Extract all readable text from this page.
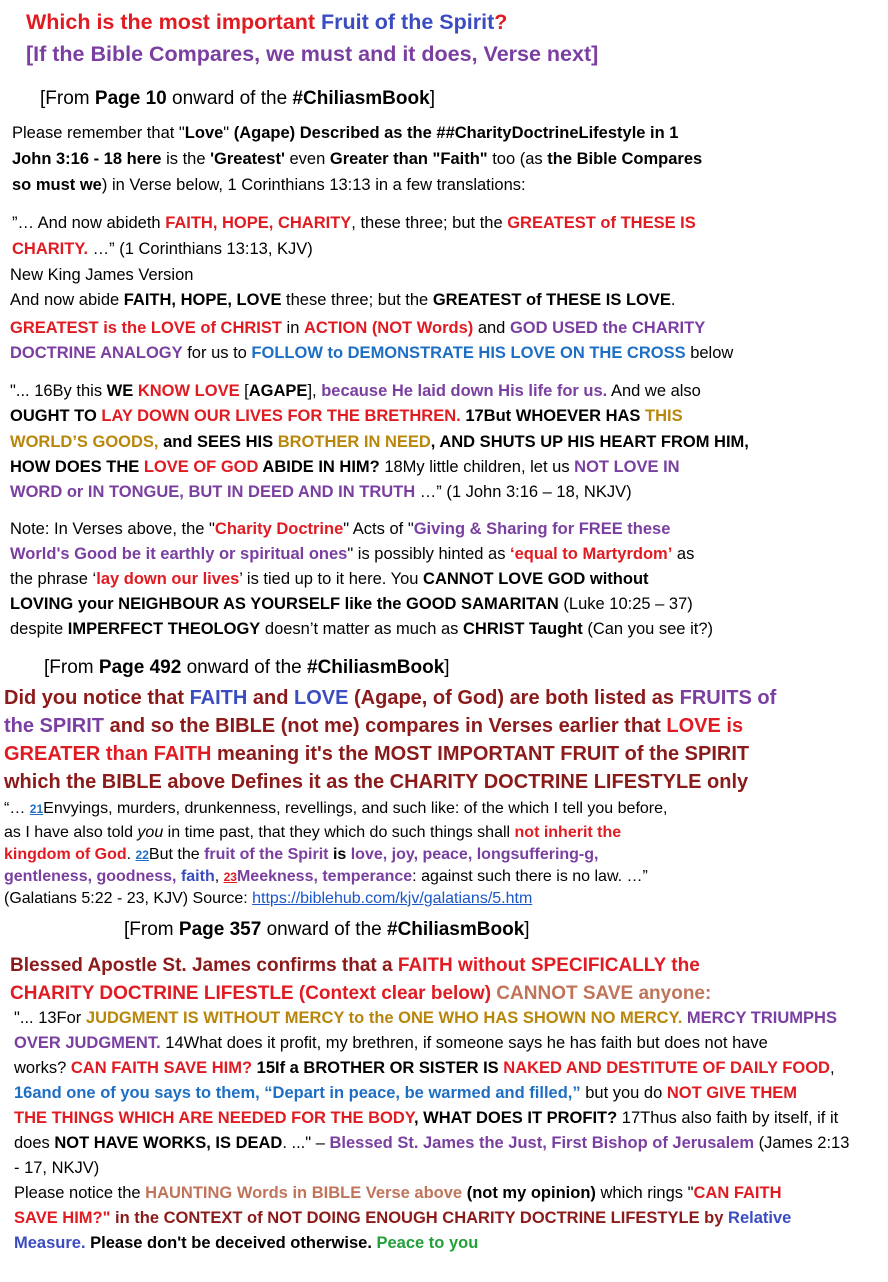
Which is the most important Fruit of the Spirit?
[If the Bible Compares, we must and it does, Verse next]
[From Page 10 onward of the #ChiliasmBook]
Please remember that "Love" (Agape) Described as the ##CharityDoctrineLifestyle in 1
John 3:16 - 18 here is the 'Greatest' even Greater than "Faith" too (as the Bible Compares
so must we) in Verse below, 1 Corinthians 13:13 in a few translations:
”… And now abideth FAITH, HOPE, CHARITY, these three; but the GREATEST of THESE IS
CHARITY. …” (1 Corinthians 13:13, KJV)
New King James Version
And now abide FAITH, HOPE, LOVE these three; but the GREATEST of THESE IS LOVE.
GREATEST is the LOVE of CHRIST in ACTION (NOT Words) and GOD USED the CHARITY
DOCTRINE ANALOGY for us to FOLLOW to DEMONSTRATE HIS LOVE ON THE CROSS below
"... 16By this WE KNOW LOVE [AGAPE], because He laid down His life for us. And we also
OUGHT TO LAY DOWN OUR LIVES FOR THE BRETHREN. 17But WHOEVER HAS THIS
WORLD’S GOODS, and SEES HIS BROTHER IN NEED, AND SHUTS UP HIS HEART FROM HIM,
HOW DOES THE LOVE OF GOD ABIDE IN HIM? 18My little children, let us NOT LOVE IN
WORD or IN TONGUE, BUT IN DEED AND IN TRUTH …” (1 John 3:16 – 18, NKJV)
Note: In Verses above, the "Charity Doctrine" Acts of "Giving & Sharing for FREE these
World's Good be it earthly or spiritual ones" is possibly hinted as ‘equal to Martyrdom’ as
the phrase ‘lay down our lives’ is tied up to it here. You CANNOT LOVE GOD without
LOVING your NEIGHBOUR AS YOURSELF like the GOOD SAMARITAN (Luke 10:25 – 37)
despite IMPERFECT THEOLOGY doesn’t matter as much as CHRIST Taught (Can you see it?)
[From Page 492 onward of the #ChiliasmBook]
Did you notice that FAITH and LOVE (Agape, of God) are both listed as FRUITS of
the SPIRIT and so the BIBLE (not me) compares in Verses earlier that LOVE is
GREATER than FAITH meaning it's the MOST IMPORTANT FRUIT of the SPIRIT
which the BIBLE above Defines it as the CHARITY DOCTRINE LIFESTYLE only
“… 21Envyings, murders, drunkenness, revellings, and such like: of the which I tell you before,
as I have also told you in time past, that they which do such things shall not inherit the
kingdom of God. 22But the fruit of the Spirit is love, joy, peace, longsuffering-g,
gentleness, goodness, faith, 23Meekness, temperance: against such there is no law. …”
(Galatians 5:22 - 23, KJV) Source: https://biblehub.com/kjv/galatians/5.htm
[From Page 357 onward of the #ChiliasmBook]
Blessed Apostle St. James confirms that a FAITH without SPECIFICALLY the
CHARITY DOCTRINE LIFESTLE (Context clear below) CANNOT SAVE anyone:
"... 13For JUDGMENT IS WITHOUT MERCY to the ONE WHO HAS SHOWN NO MERCY. MERCY TRIUMPHS
OVER JUDGMENT. 14What does it profit, my brethren, if someone says he has faith but does not have
works? CAN FAITH SAVE HIM? 15If a BROTHER OR SISTER IS NAKED AND DESTITUTE OF DAILY FOOD,
16and one of you says to them, “Depart in peace, be warmed and filled,” but you do NOT GIVE THEM
THE THINGS WHICH ARE NEEDED FOR THE BODY, WHAT DOES IT PROFIT? 17Thus also faith by itself, if it
does NOT HAVE WORKS, IS DEAD. ..." – Blessed St. James the Just, First Bishop of Jerusalem (James 2:13
- 17, NKJV)
Please notice the HAUNTING Words in BIBLE Verse above (not my opinion) which rings "CAN FAITH
SAVE HIM?" in the CONTEXT of NOT DOING ENOUGH CHARITY DOCTRINE LIFESTYLE by Relative
Measure. Please don't be deceived otherwise. Peace to you
